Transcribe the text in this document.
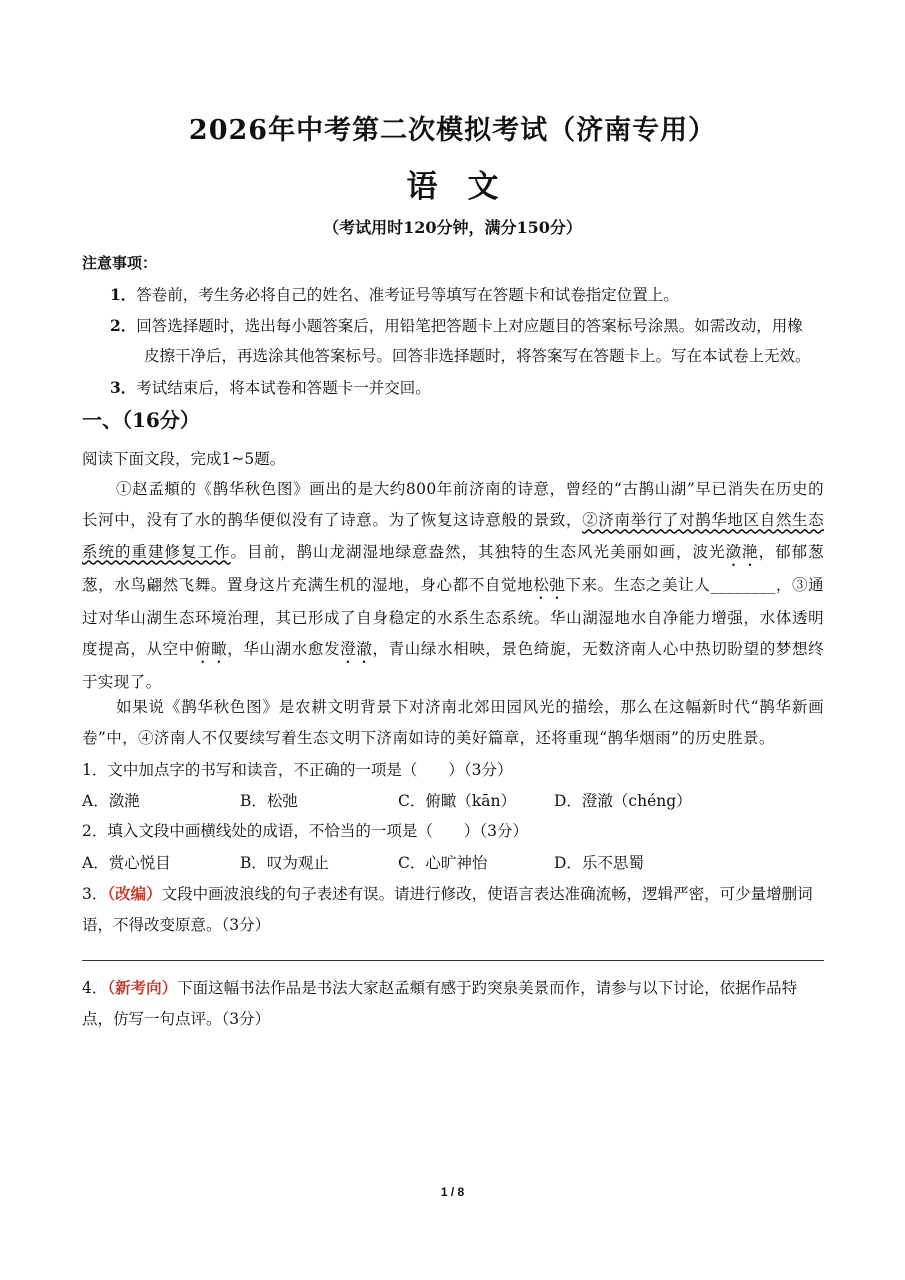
2026年中考第二次模拟考试（济南专用）
语文
（考试用时120分钟，满分150分）
注意事项：
1．答卷前，考生务必将自己的姓名、准考证号等填写在答题卡和试卷指定位置上。
2．回答选择题时，选出每小题答案后，用铅笔把答题卡上对应题目的答案标号涂黑。如需改动，用橡
皮擦干净后，再选涂其他答案标号。回答非选择题时，将答案写在答题卡上。写在本试卷上无效。
3．考试结束后，将本试卷和答题卡一并交回。
一、（16分）
阅读下面文段，完成1~5题。
①赵孟頫的《鹊华秋色图》画出的是大约800年前济南的诗意，曾经的“古鹊山湖”早已消失在历史的长河中，没有了水的鹊华便似没有了诗意。为了恢复这诗意般的景致，②济南举行了对鹊华地区自然生态系统的重建修复工作。目前，鹊山龙湖湿地绿意盎然，其独特的生态风光美丽如画，波光潋滟，郁郁葱葱，水鸟翩然飞舞。置身这片充满生机的湿地，身心都不自觉地松弛下来。生态之美让人________，③通过对华山湖生态环境治理，其已形成了自身稳定的水系生态系统。华山湖湿地水自净能力增强，水体透明度提高，从空中俯瞰，华山湖水愈发澄澈，青山绿水相映，景色绮旎，无数济南人心中热切盼望的梦想终于实现了。
如果说《鹊华秋色图》是农耕文明背景下对济南北郊田园风光的描绘，那么在这幅新时代“鹊华新画卷”中，④济南人不仅要续写着生态文明下济南如诗的美好篇章，还将重现“鹊华烟雨”的历史胜景。
1．文中加点字的书写和读音，不正确的一项是（　　）（3分）
A．潋滟	B．松弛	C．俯瞰（kān） D．澄澈（chéng）
2．填入文段中画横线处的成语，不恰当的一项是（　　）（3分）
A．赏心悦目	B．叹为观止	C．心旷神怡	D．乐不思蜀
3．（改编）文段中画波浪线的句子表述有误。请进行修改，使语言表达准确流畅，逻辑严密，可少量增删词语，不得改变原意。（3分）
4．（新考向）下面这幅书法作品是书法大家赵孟頫有感于趵突泉美景而作，请参与以下讨论，依据作品特点，仿写一句点评。（3分）
1 / 8
